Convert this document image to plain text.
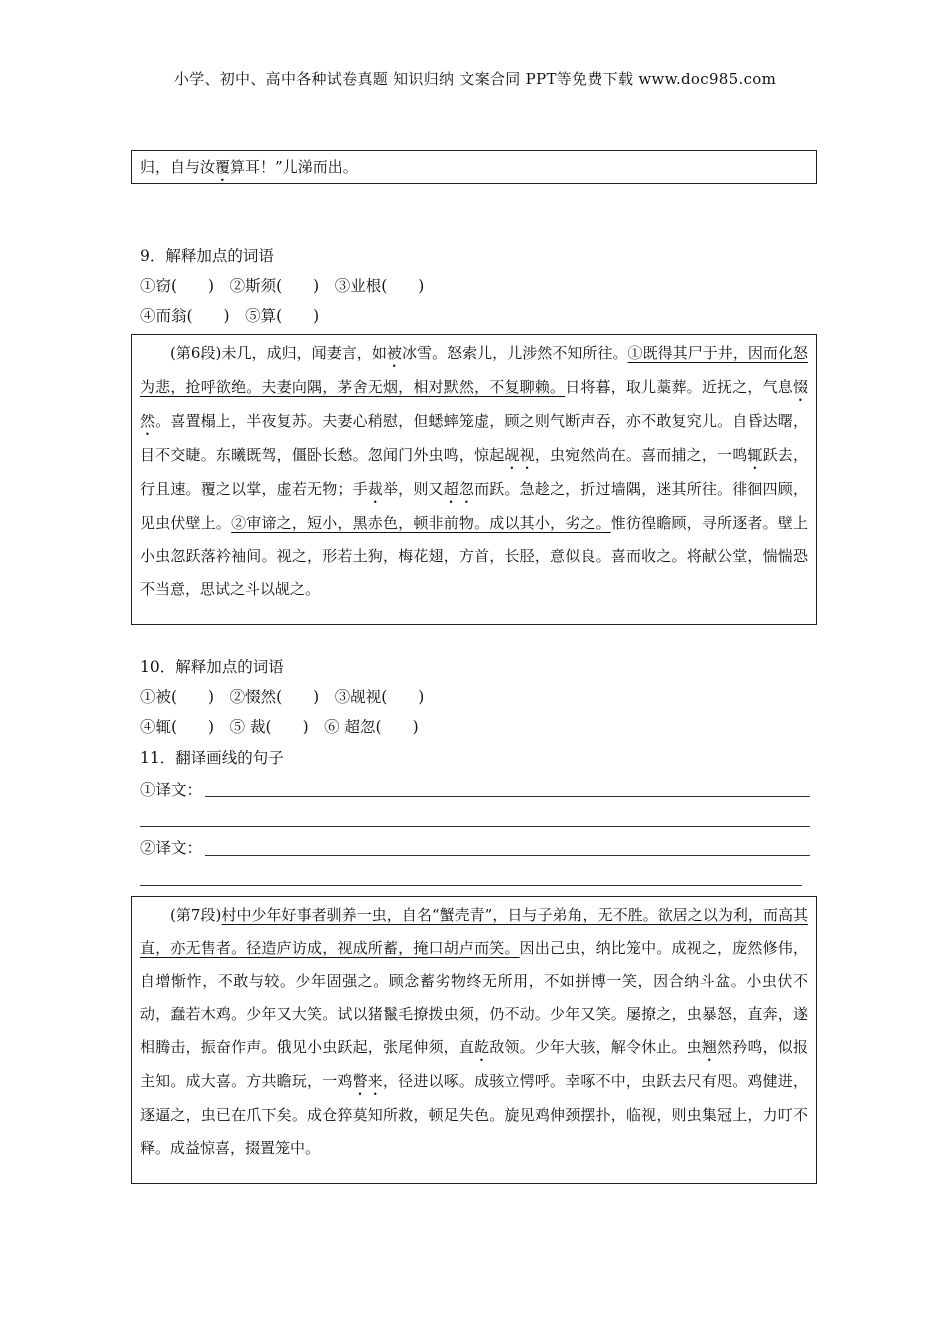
小学、初中、高中各种试卷真题 知识归纳 文案合同 PPT等免费下载 www.doc985.com
归，自与汝覆算耳！”儿涕而出。
9．解释加点的词语
①窃(　　)　②斯须(　　)　③业根(　　)
④而翁(　　)　⑤算(　　)
(第6段)未几，成归，闻妻言，如被冰雪。怒索儿，儿涉然不知所往。①既得其尸于井，因而化怒为悲，抢呼欲绝。夫妻向隅，茅舍无烟，相对默然，不复聊赖。日将暮，取儿藁葬。近抚之，气息惙然。喜置榻上，半夜复苏。夫妻心稍慰，但蟋蟀笼虚，顾之则气断声吞，亦不敢复究儿。自昏达曙，目不交睫。东曦既驾，僵卧长愁。忽闻门外虫鸣，惊起觇视，虫宛然尚在。喜而捕之，一鸣辄跃去，行且速。覆之以掌，虚若无物；手裁举，则又超忽而跃。急趁之，折过墙隅，迷其所往。徘徊四顾，见虫伏壁上。②审谛之，短小，黑赤色，顿非前物。成以其小，劣之。惟彷徨瞻顾，寻所逐者。壁上小虫忽跃落衿袖间。视之，形若土狗，梅花翅，方首，长胫，意似良。喜而收之。将献公堂，惴惴恐不当意，思试之斗以觇之。
10．解释加点的词语
①被(　　)　②惙然(　　)　③觇视(　　)
④辄(　　)　⑤ 裁(　　)　⑥ 超忽(　　)
11．翻译画线的句子
①译文：
②译文：
(第7段)村中少年好事者驯养一虫，自名“蟹壳青”，日与子弟角，无不胜。欲居之以为利，而高其直，亦无售者。径造庐访成，视成所蓄，掩口胡卢而笑。因出己虫，纳比笼中。成视之，庞然修伟，自增惭怍，不敢与较。少年固强之。顾念蓄劣物终无所用，不如拼博一笑，因合纳斗盆。小虫伏不动，蠢若木鸡。少年又大笑。试以猪鬣毛撩拨虫须，仍不动。少年又笑。屡撩之，虫暴怒，直奔，遂相腾击，振奋作声。俄见小虫跃起，张尾伸须，直龁敌领。少年大骇，解令休止。虫翘然矜鸣，似报主知。成大喜。方共瞻玩，一鸡瞥来，径进以啄。成骇立愕呼。幸啄不中，虫跃去尺有咫。鸡健进，逐逼之，虫已在爪下矣。成仓猝莫知所救，顿足失色。旋见鸡伸颈摆扑，临视，则虫集冠上，力叮不释。成益惊喜，掇置笼中。
